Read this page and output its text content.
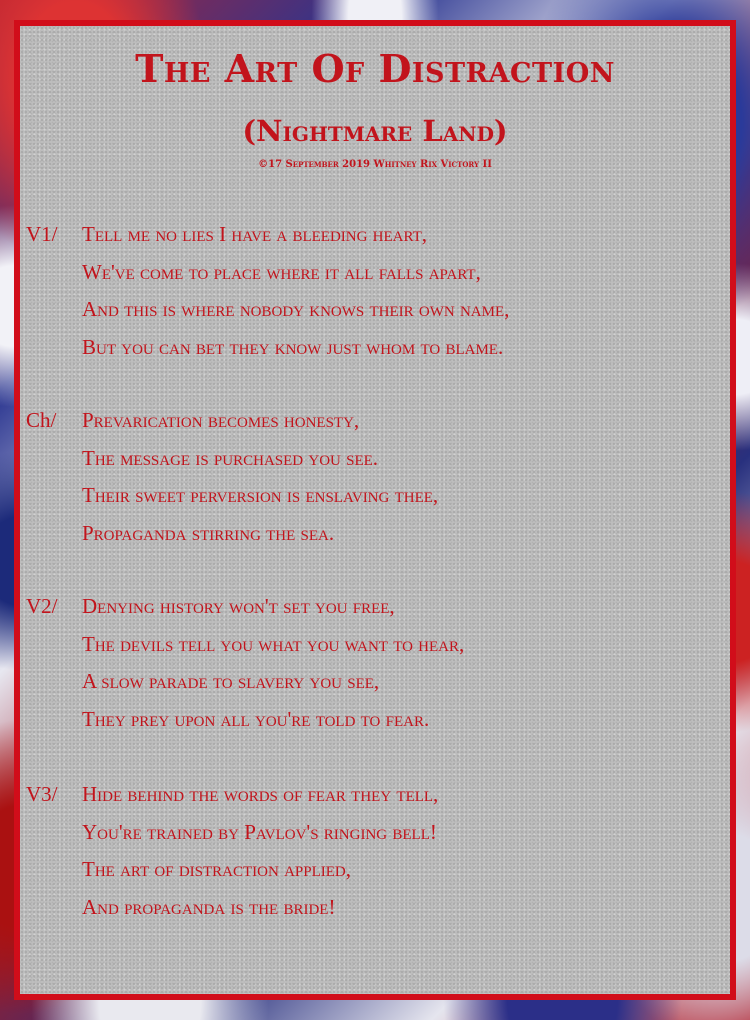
The Art Of Distraction
(Nightmare Land)
©17 September 2019 Whitney Rix Victory II
V1/	Tell me no lies I have a bleeding heart,
We've come to place where it all falls apart,
And this is where nobody knows their own name,
But you can bet they know just whom to blame.
Ch/	Prevarication becomes honesty,
The message is purchased you see.
Their sweet perversion is enslaving thee,
Propaganda stirring the sea.
V2/	Denying history won't set you free,
The devils tell you what you want to hear,
A slow parade to slavery you see,
They prey upon all you're told to fear.
V3/	Hide behind the words of fear they tell,
You're trained by Pavlov's ringing bell!
The art of distraction applied,
And propaganda is the bride!
